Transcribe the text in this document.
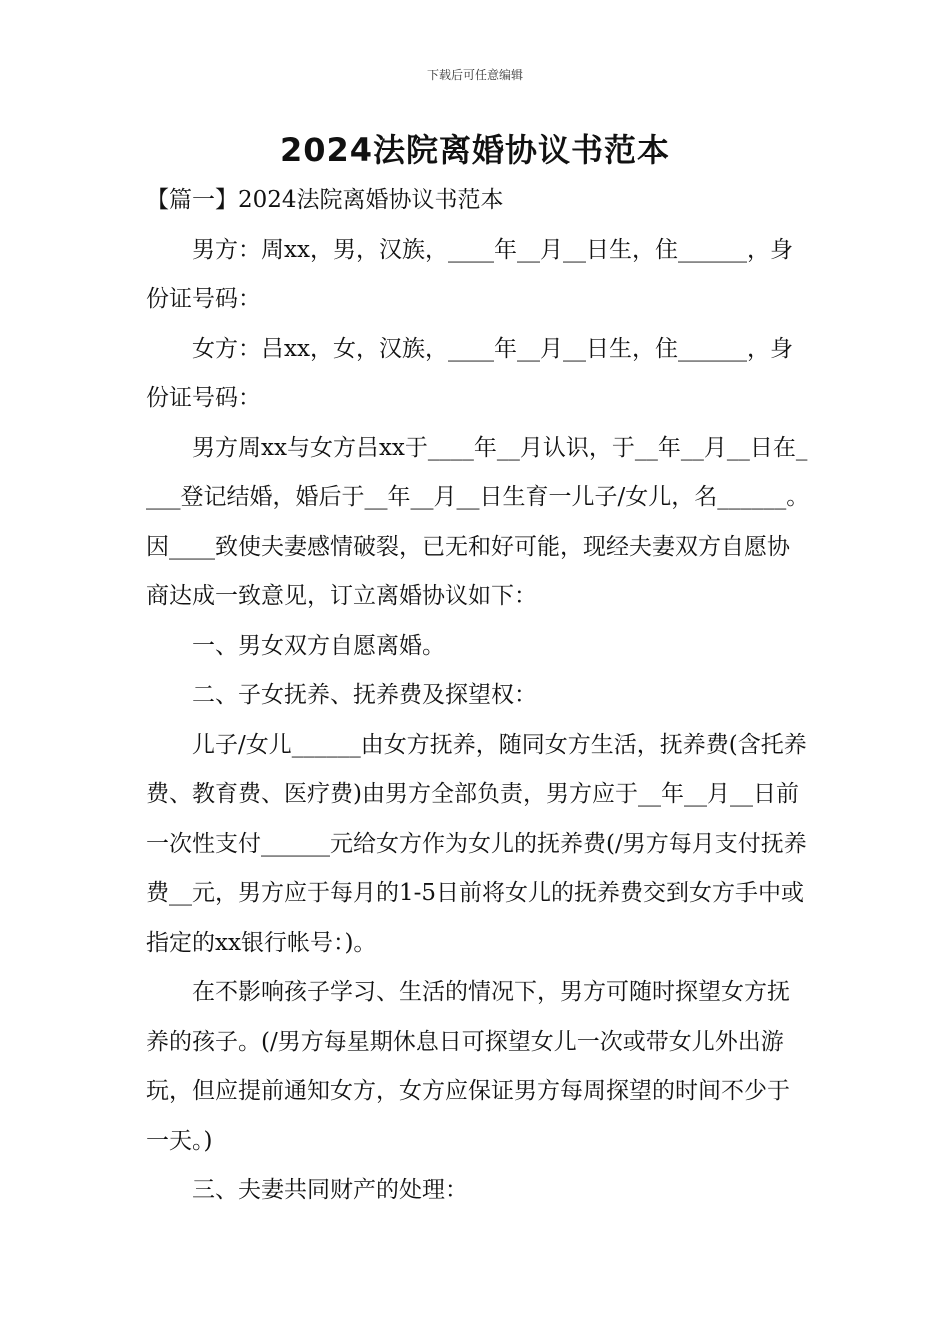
下载后可任意编辑
2024法院离婚协议书范本

【篇一】2024法院离婚协议书范本

男方：周xx，男，汉族，____年__月__日生，住______，身份证号码：

女方：吕xx，女，汉族，____年__月__日生，住______，身份证号码：

男方周xx与女方吕xx于____年__月认识，于__年__月__日在____登记结婚，婚后于__年__月__日生育一儿子/女儿，名______。因____致使夫妻感情破裂，已无和好可能，现经夫妻双方自愿协商达成一致意见，订立离婚协议如下：

一、男女双方自愿离婚。

二、子女抚养、抚养费及探望权：

儿子/女儿______由女方抚养，随同女方生活，抚养费(含托养费、教育费、医疗费)由男方全部负责，男方应于__年__月__日前一次性支付______元给女方作为女儿的抚养费(/男方每月支付抚养费__元，男方应于每月的1-5日前将女儿的抚养费交到女方手中或指定的xx银行帐号：)。

在不影响孩子学习、生活的情况下，男方可随时探望女方抚养的孩子。(/男方每星期休息日可探望女儿一次或带女儿外出游玩，但应提前通知女方，女方应保证男方每周探望的时间不少于一天。)

三、夫妻共同财产的处理：
